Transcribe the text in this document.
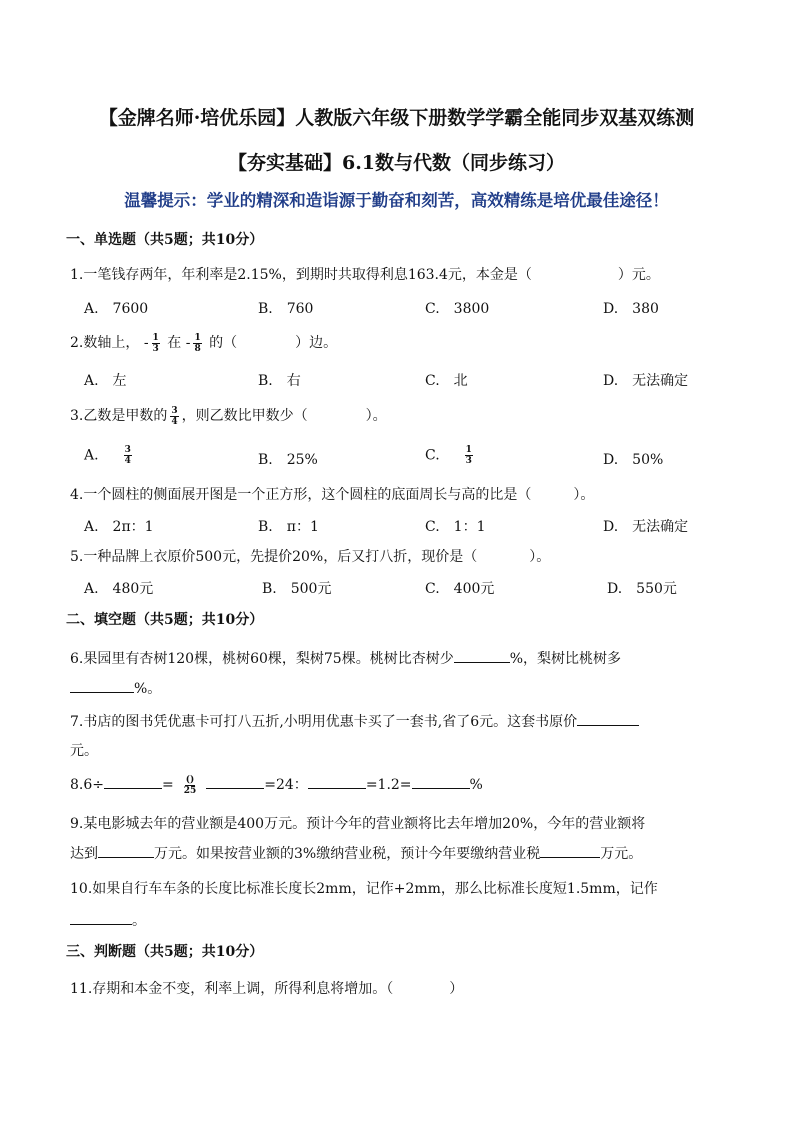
【金牌名师·培优乐园】人教版六年级下册数学学霸全能同步双基双练测
【夯实基础】6.1数与代数（同步练习）
温馨提示：学业的精深和造诣源于勤奋和刻苦，高效精练是培优最佳途径！
一、单选题（共5题；共10分）
1.一笔钱存两年，年利率是2.15%，到期时共取得利息163.4元，本金是（	）元。
A.　7600	B.　760	C.　3800	D.　380
2.数轴上， - $\frac{1}{3}$ 在 - $\frac{1}{8}$ 的（	）边。
A.　左	B.　右	C.　北	D.　无法确定
3.乙数是甲数的 $\frac{3}{4}$ ，则乙数比甲数少（	）。
A.	$\frac{3}{4}$	B.　25%	C.	$\frac{1}{3}$	D.　50%
4.一个圆柱的侧面展开图是一个正方形，这个圆柱的底面周长与高的比是（	）。
A.　2π：1	B.　π：1	C.　1：1	D.　无法确定
5.一种品牌上衣原价500元，先提价20%，后又打八折，现价是（	）。
A.　480元	B.　500元	C.　400元	D.　550元
二、填空题（共5题；共10分）
6.果园里有杏树120棵，桃树60棵，梨树75棵。桃树比杏树少	%，梨树比桃树多
%。
7.书店的图书凭优惠卡可打八五折,小明用优惠卡买了一套书,省了6元。这套书原价
元。
8.6÷	= $\frac{()}{25}$	=24：	=1.2=	%
9.某电影城去年的营业额是400万元。预计今年的营业额将比去年增加20%，今年的营业额将
达到	万元。如果按营业额的3%缴纳营业税，预计今年要缴纳营业税	万元。
10.如果自行车车条的长度比标准长度长2mm，记作+2mm，那么比标准长度短1.5mm，记作
。
三、判断题（共5题；共10分）
11.存期和本金不变，利率上调，所得利息将增加。（	）
